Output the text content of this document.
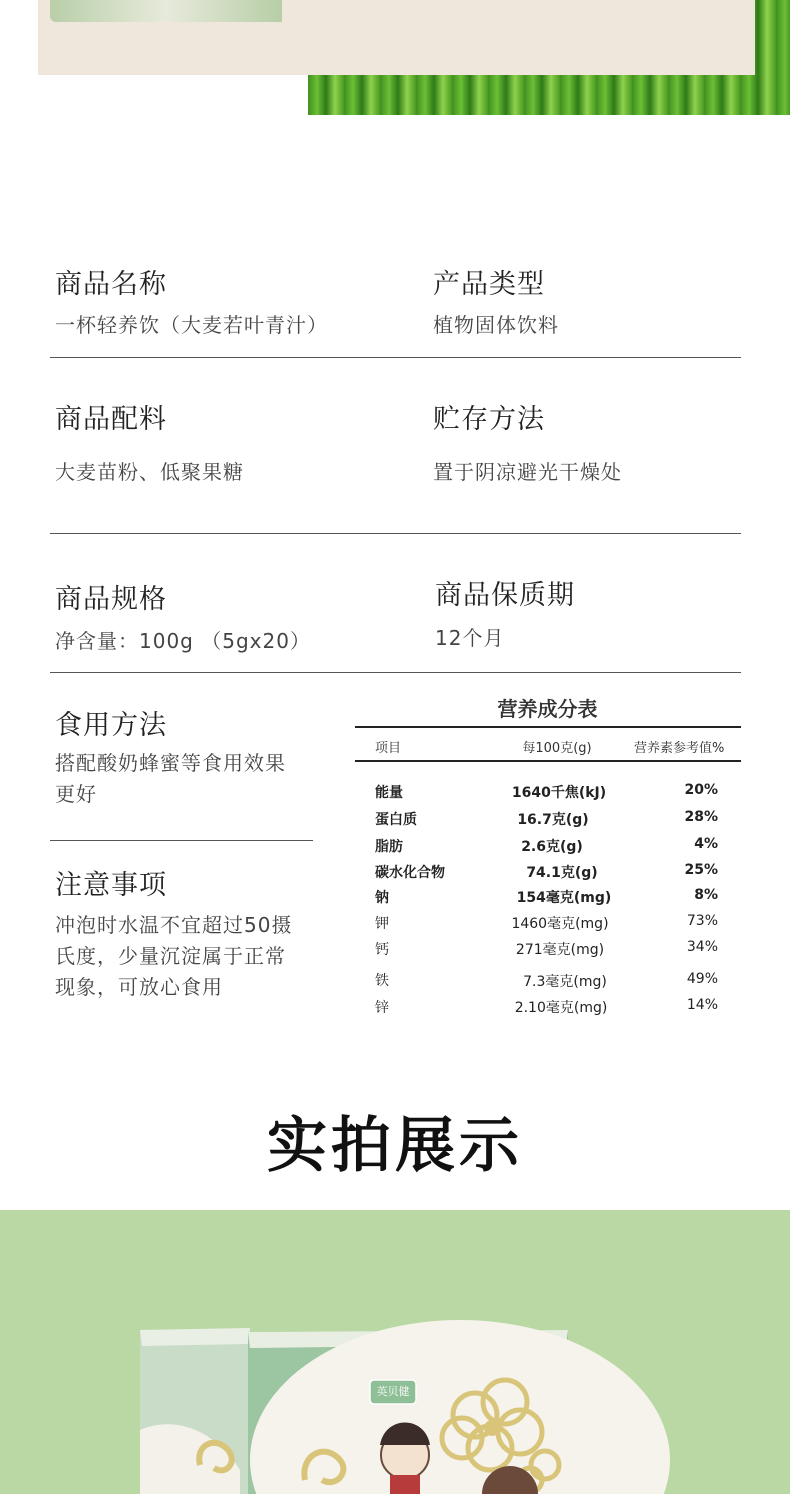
商品名称
一杯轻养饮（大麦若叶青汁）
产品类型
植物固体饮料
商品配料
大麦苗粉、低聚果糖
贮存方法
置于阴凉避光干燥处
商品规格
净含量：100g （5gx20）
商品保质期
12个月
食用方法
搭配酸奶蜂蜜等食用效果
更好
注意事项
冲泡时水温不宜超过50摄
氏度，少量沉淀属于正常
现象，可放心食用
营养成分表
项目	每100克(g)	营养素参考值%
能量	1640千焦(kJ)	20%
蛋白质	16.7克(g)	28%
脂肪	2.6克(g)	4%
碳水化合物	74.1克(g)	25%
钠	154毫克(mg)	8%
钾	1460毫克(mg)	73%
钙	271毫克(mg)	34%
铁	7.3毫克(mg)	49%
锌	2.10毫克(mg)	14%
实拍展示
英贝健
